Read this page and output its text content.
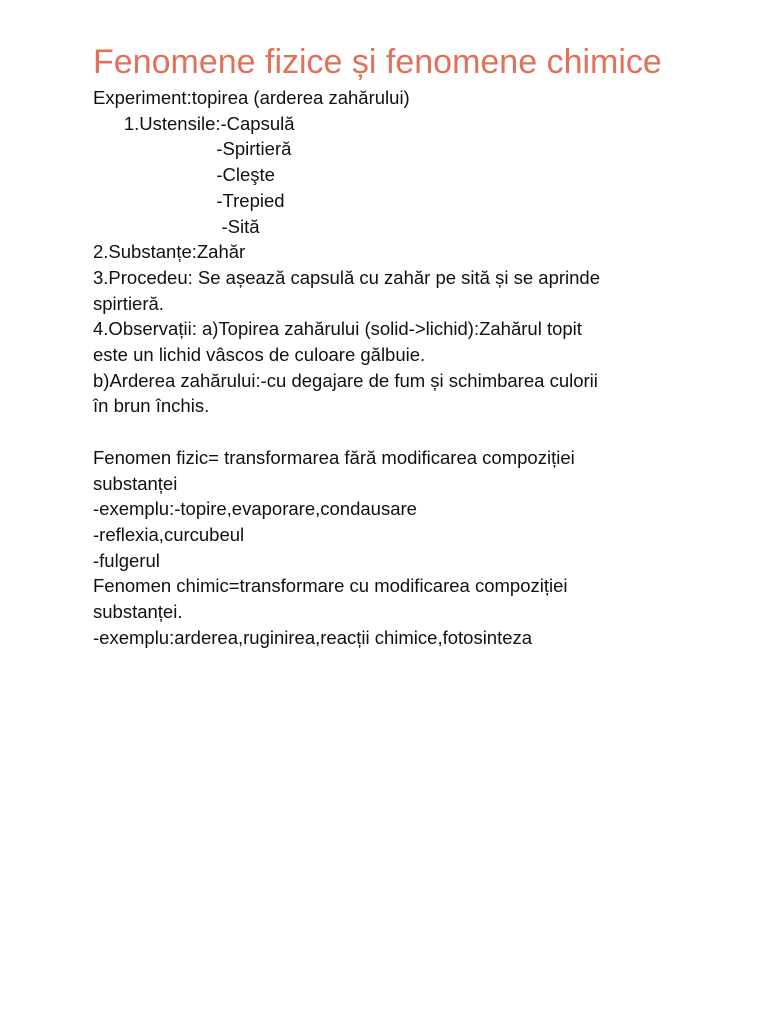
Fenomene fizice și fenomene chimice

Experiment:topirea (arderea zahărului)

1.Ustensile:-Capsulă

-Spirtieră

-Cleşte

-Trepied

-Sită

2.Substanțe:Zahăr

3.Procedeu: Se așează capsulă cu zahăr pe sită și se aprinde

spirtieră.

4.Observații: a)Topirea zahărului (solid->lichid):Zahărul topit

este un lichid vâscos de culoare gălbuie.

b)Arderea zahărului:-cu degajare de fum și schimbarea culorii

în brun închis.

Fenomen fizic= transformarea fără modificarea compoziției

substanței

-exemplu:-topire,evaporare,condausare

-reflexia,curcubeul

-fulgerul

Fenomen chimic=transformare cu modificarea compoziției

substanței.

-exemplu:arderea,ruginirea,reacții chimice,fotosinteza
